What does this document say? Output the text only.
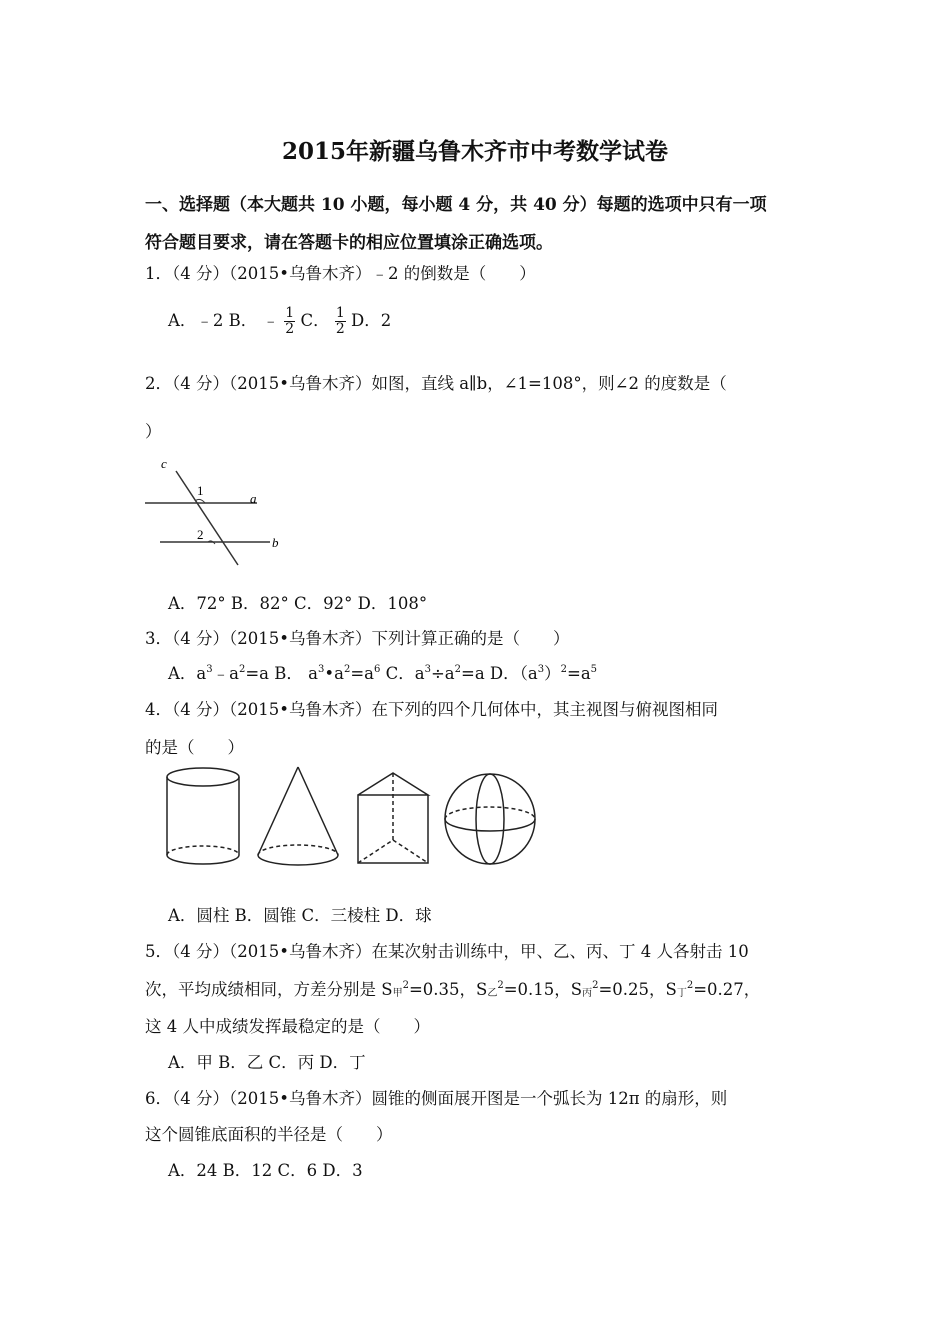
2015年新疆乌鲁木齐市中考数学试卷
一、选择题（本大题共 10 小题，每小题 4 分，共 40 分）每题的选项中只有一项
符合题目要求，请在答题卡的相应位置填涂正确选项。
1．（4 分）（2015•乌鲁木齐）﹣2 的倒数是（　　）
A．﹣2 B． ﹣ $\frac{1}{2}$ C． $\frac{1}{2}$ D．2
2．（4 分）（2015•乌鲁木齐）如图，直线 a∥b，∠1=108°，则∠2 的度数是（
）
c
1
a
2
b
A．72° B．82° C．92° D．108°
3．（4 分）（2015•乌鲁木齐）下列计算正确的是（　　）
A．$a^3﹣a^2=a$ B． $a^3•a^2=a^6$ C．$a^3\div a^2=a$ D．$(a^3)^2=a^5$
4．（4 分）（2015•乌鲁木齐）在下列的四个几何体中，其主视图与俯视图相同
的是（　　）
A．圆柱 B．圆锥 C．三棱柱 D．球
5．（4 分）（2015•乌鲁木齐）在某次射击训练中，甲、乙、丙、丁 4 人各射击 10
次，平均成绩相同，方差分别是 $S_甲^2=0.35$，$S_乙^2=0.15$，$S_丙^2=0.25$，$S_丁^2=0.27$，
这 4 人中成绩发挥最稳定的是（　　）
A．甲 B．乙 C．丙 D．丁
6．（4 分）（2015•乌鲁木齐）圆锥的侧面展开图是一个弧长为 12π 的扇形，则
这个圆锥底面积的半径是（　　）
A．24 B．12 C．6 D．3
